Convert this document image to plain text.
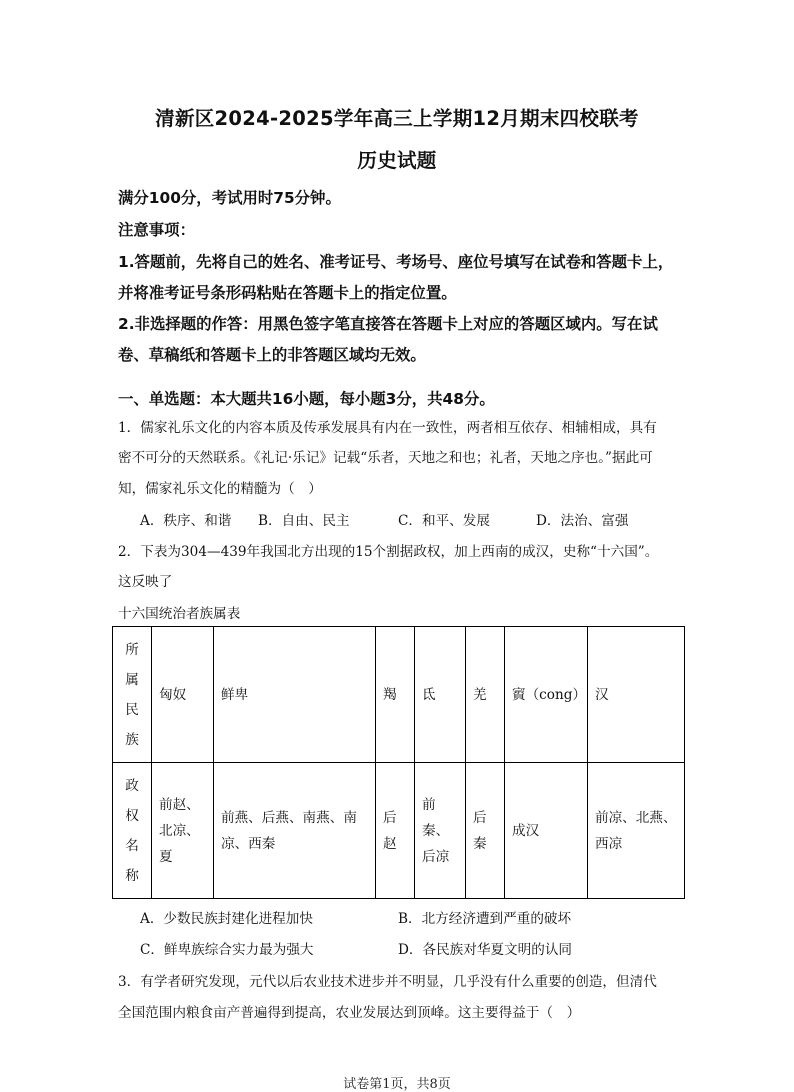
清新区2024-2025学年高三上学期12月期末四校联考
历史试题
满分100分，考试用时75分钟。
注意事项：
1.答题前，先将自己的姓名、准考证号、考场号、座位号填写在试卷和答题卡上，
并将准考证号条形码粘贴在答题卡上的指定位置。
2.非选择题的作答：用黑色签字笔直接答在答题卡上对应的答题区域内。写在试
卷、草稿纸和答题卡上的非答题区域均无效。
一、单选题：本大题共16小题，每小题3分，共48分。
1．儒家礼乐文化的内容本质及传承发展具有内在一致性，两者相互依存、相辅相成，具有
密不可分的天然联系。《礼记·乐记》记载“乐者，天地之和也；礼者，天地之序也。”据此可
知，儒家礼乐文化的精髓为（　）
A．秩序、和谐 B．自由、民主	C．和平、发展	D．法治、富强
2．下表为304—439年我国北方出现的15个割据政权，加上西南的成汉，史称“十六国”。
这反映了
十六国统治者族属表
所
属
民
族	匈奴	鲜卑	羯	氐	羌	賨（cong）	汉

政
权
名
称	前赵、北凉、夏	前燕、后燕、南燕、南凉、西秦	后赵	前秦、后凉	后秦	成汉	前凉、北燕、西凉
A．少数民族封建化进程加快	B．北方经济遭到严重的破坏
C．鲜卑族综合实力最为强大	D．各民族对华夏文明的认同
3．有学者研究发现，元代以后农业技术进步并不明显，几乎没有什么重要的创造，但清代
全国范围内粮食亩产普遍得到提高，农业发展达到顶峰。这主要得益于（　）
试卷第1页，共8页
